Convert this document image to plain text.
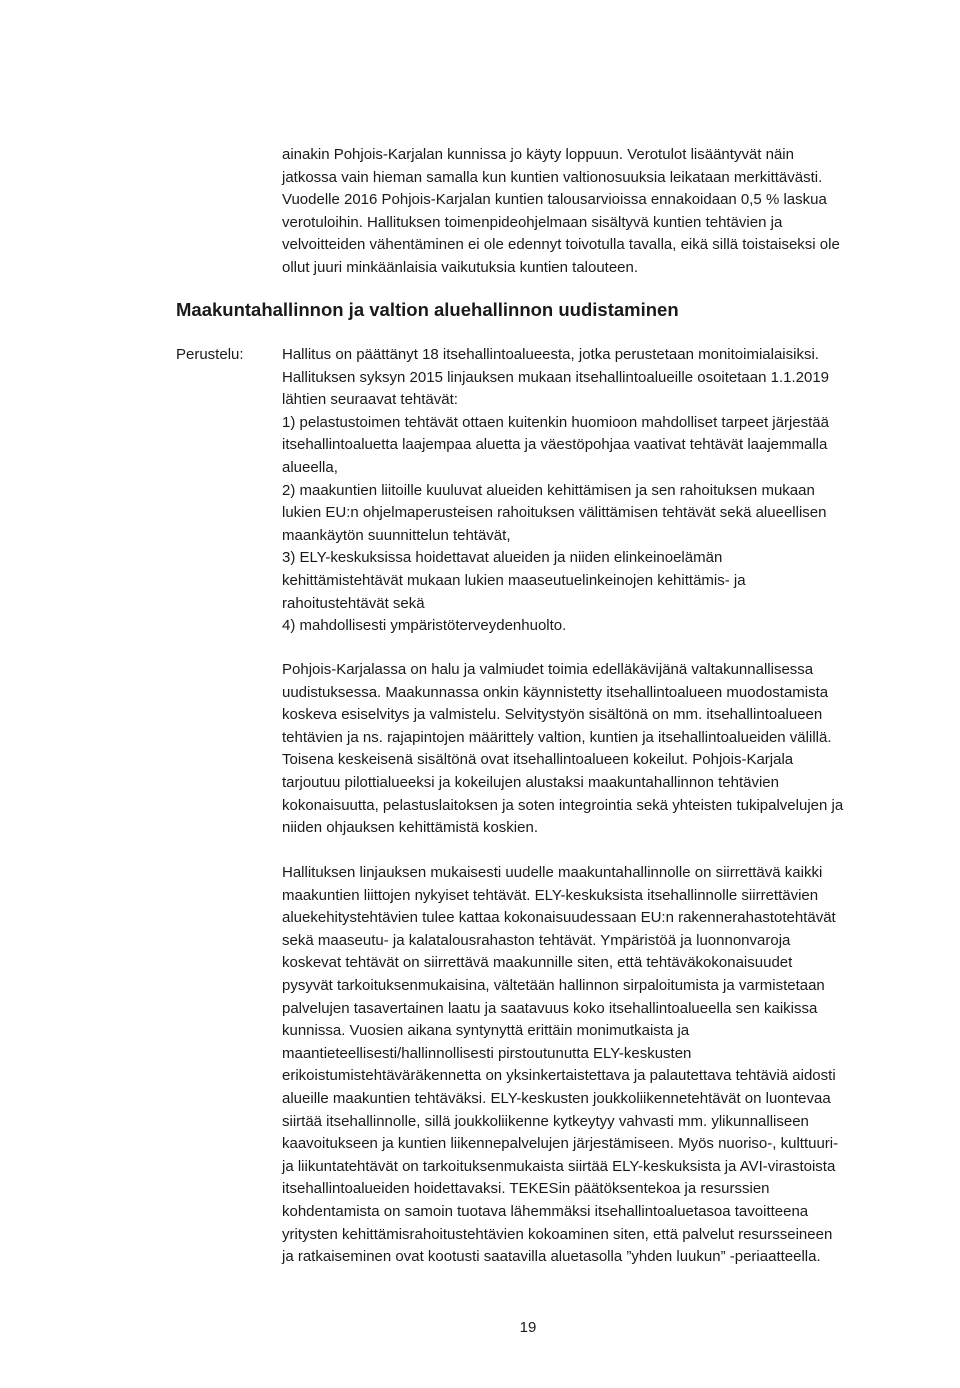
ainakin Pohjois-Karjalan kunnissa jo käyty loppuun. Verotulot lisääntyvät näin
jatkossa vain hieman samalla kun kuntien valtionosuuksia leikataan merkittävästi.
Vuodelle 2016 Pohjois-Karjalan kuntien talousarvioissa ennakoidaan 0,5 % laskua
verotuloihin. Hallituksen toimenpideohjelmaan sisältyvä kuntien tehtävien ja
velvoitteiden vähentäminen ei ole edennyt toivotulla tavalla, eikä sillä toistaiseksi ole
ollut juuri minkäänlaisia vaikutuksia kuntien talouteen.
Maakuntahallinnon ja valtion aluehallinnon uudistaminen
Perustelu:	Hallitus on päättänyt 18 itsehallintoalueesta, jotka perustetaan monitoimialaisiksi.
Hallituksen syksyn 2015 linjauksen mukaan itsehallintoalueille osoitetaan 1.1.2019
lähtien seuraavat tehtävät:
1) pelastustoimen tehtävät ottaen kuitenkin huomioon mahdolliset tarpeet järjestää
itsehallintoaluetta laajempaa aluetta ja väestöpohjaa vaativat tehtävät laajemmalla
alueella,
2) maakuntien liitoille kuuluvat alueiden kehittämisen ja sen rahoituksen mukaan
lukien EU:n ohjelmaperusteisen rahoituksen välittämisen tehtävät sekä alueellisen
maankäytön suunnittelun tehtävät,
3) ELY-keskuksissa hoidettavat alueiden ja niiden elinkeinoelämän
kehittämistehtävät mukaan lukien maaseutuelinkeinojen kehittämis- ja
rahoitustehtävät sekä
4) mahdollisesti ympäristöterveydenhuolto.
Pohjois-Karjalassa on halu ja valmiudet toimia edelläkävijänä valtakunnallisessa
uudistuksessa. Maakunnassa onkin käynnistetty itsehallintoalueen muodostamista
koskeva esiselvitys ja valmistelu. Selvitystyön sisältönä on mm. itsehallintoalueen
tehtävien ja ns. rajapintojen määrittely valtion, kuntien ja itsehallintoalueiden välillä.
Toisena keskeisenä sisältönä ovat itsehallintoalueen kokeilut. Pohjois-Karjala
tarjoutuu pilottialueeksi ja kokeilujen alustaksi maakuntahallinnon tehtävien
kokonaisuutta, pelastuslaitoksen ja soten integrointia sekä yhteisten tukipalvelujen ja
niiden ohjauksen kehittämistä koskien.
Hallituksen linjauksen mukaisesti uudelle maakuntahallinnolle on siirrettävä kaikki
maakuntien liittojen nykyiset tehtävät. ELY-keskuksista itsehallinnolle siirrettävien
aluekehitystehtävien tulee kattaa kokonaisuudessaan EU:n rakennerahastotehtävät
sekä maaseutu- ja kalatalousrahaston tehtävät. Ympäristöä ja luonnonvaroja
koskevat tehtävät on siirrettävä maakunnille siten, että tehtäväkokonaisuudet
pysyvät tarkoituksenmukaisina, vältetään hallinnon sirpaloitumista ja varmistetaan
palvelujen tasavertainen laatu ja saatavuus koko itsehallintoalueella sen kaikissa
kunnissa. Vuosien aikana syntynyttä erittäin monimutkaista ja
maantieteellisesti/hallinnollisesti pirstoutunutta ELY-keskusten
erikoistumistehtäväräkennetta on yksinkertaistettava ja palautettava tehtäviä aidosti
alueille maakuntien tehtäväksi. ELY-keskusten joukkoliikennetehtävät on luontevaa
siirtää itsehallinnolle, sillä joukkoliikenne kytkeytyy vahvasti mm. ylikunnalliseen
kaavoitukseen ja kuntien liikennepalvelujen järjestämiseen. Myös nuoriso-, kulttuuri-
ja liikuntatehtävät on tarkoituksenmukaista siirtää ELY-keskuksista ja AVI-virastoista
itsehallintoalueiden hoidettavaksi. TEKESin päätöksentekoa ja resurssien
kohdentamista on samoin tuotava lähemmäksi itsehallintoaluetasoa tavoitteena
yritysten kehittämisrahoitustehtävien kokoaminen siten, että palvelut resursseineen
ja ratkaiseminen ovat kootusti saatavilla aluetasolla ”yhden luukun” -periaatteella.
19
